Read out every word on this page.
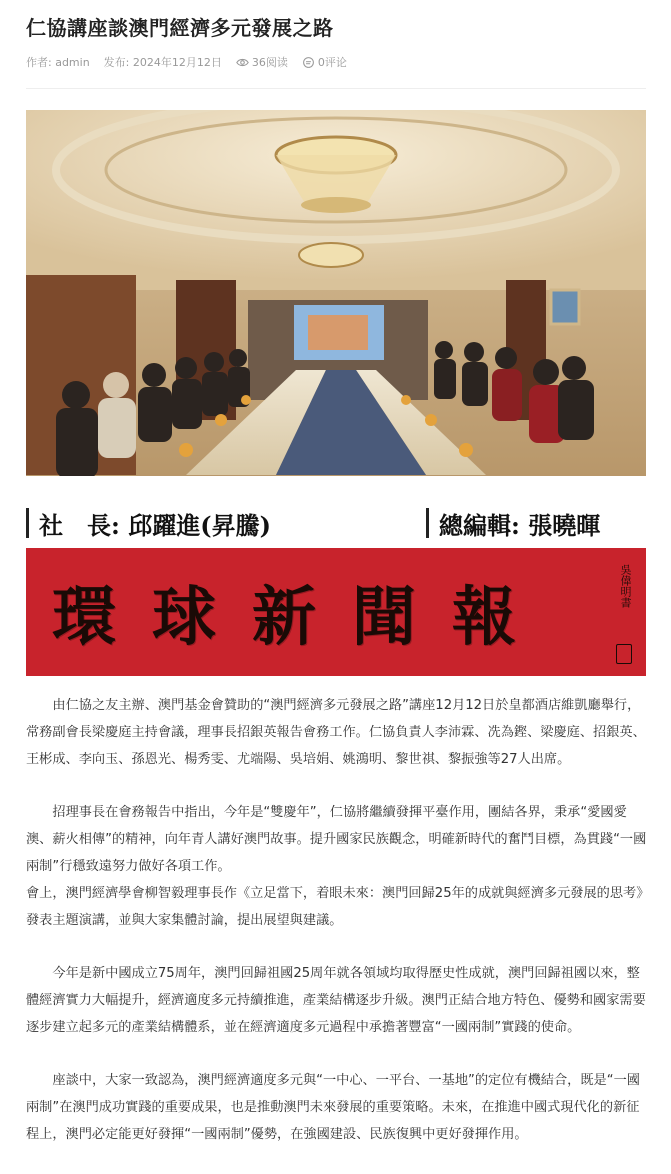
仁協講座談澳門經濟多元發展之路
作者: admin 发布: 2024年12月12日	36阅读	0评论
社　長: 邱躍進(昇騰)	總編輯: 張曉暉
環球新聞報	吳偉明書

由仁協之友主辦、澳門基金會贊助的“澳門經濟多元發展之路”講座12月12日於皇都酒店維凱廳舉行，常務副會長梁慶庭主持會議，理事長招銀英報告會務工作。仁協負責人李沛霖、冼為鏗、梁慶庭、招銀英、王彬成、李向玉、孫恩光、楊秀雯、尤端陽、吳培娟、姚鴻明、黎世祺、黎振強等27人出席。

招理事長在會務報告中指出，今年是“雙慶年”，仁協將繼續發揮平臺作用，團結各界，秉承“愛國愛澳、薪火相傳”的精神，向年青人講好澳門故事。提升國家民族觀念，明確新時代的奮鬥目標，為貫踐“一國兩制”行穩致遠努力做好各項工作。

會上，澳門經濟學會柳智毅理事長作《立足當下，着眼未來：澳門回歸25年的成就與經濟多元發展的思考》發表主題演講，並與大家集體討論，提出展望與建議。

今年是新中國成立75周年，澳門回歸祖國25周年就各領域均取得歷史性成就，澳門回歸祖國以來，整體經濟實力大幅提升，經濟適度多元持續推進，產業結構逐步升級。澳門正結合地方特色、優勢和國家需要逐步建立起多元的產業結構體系，並在經濟適度多元過程中承擔著豐富“一國兩制”實踐的使命。

座談中，大家一致認為，澳門經濟適度多元與“一中心、一平台、一基地”的定位有機結合，既是“一國兩制”在澳門成功實踐的重要成果，也是推動澳門未來發展的重要策略。未來，在推進中國式現代化的新征程上，澳門必定能更好發揮“一國兩制”優勢，在強國建設、民族復興中更好發揮作用。
